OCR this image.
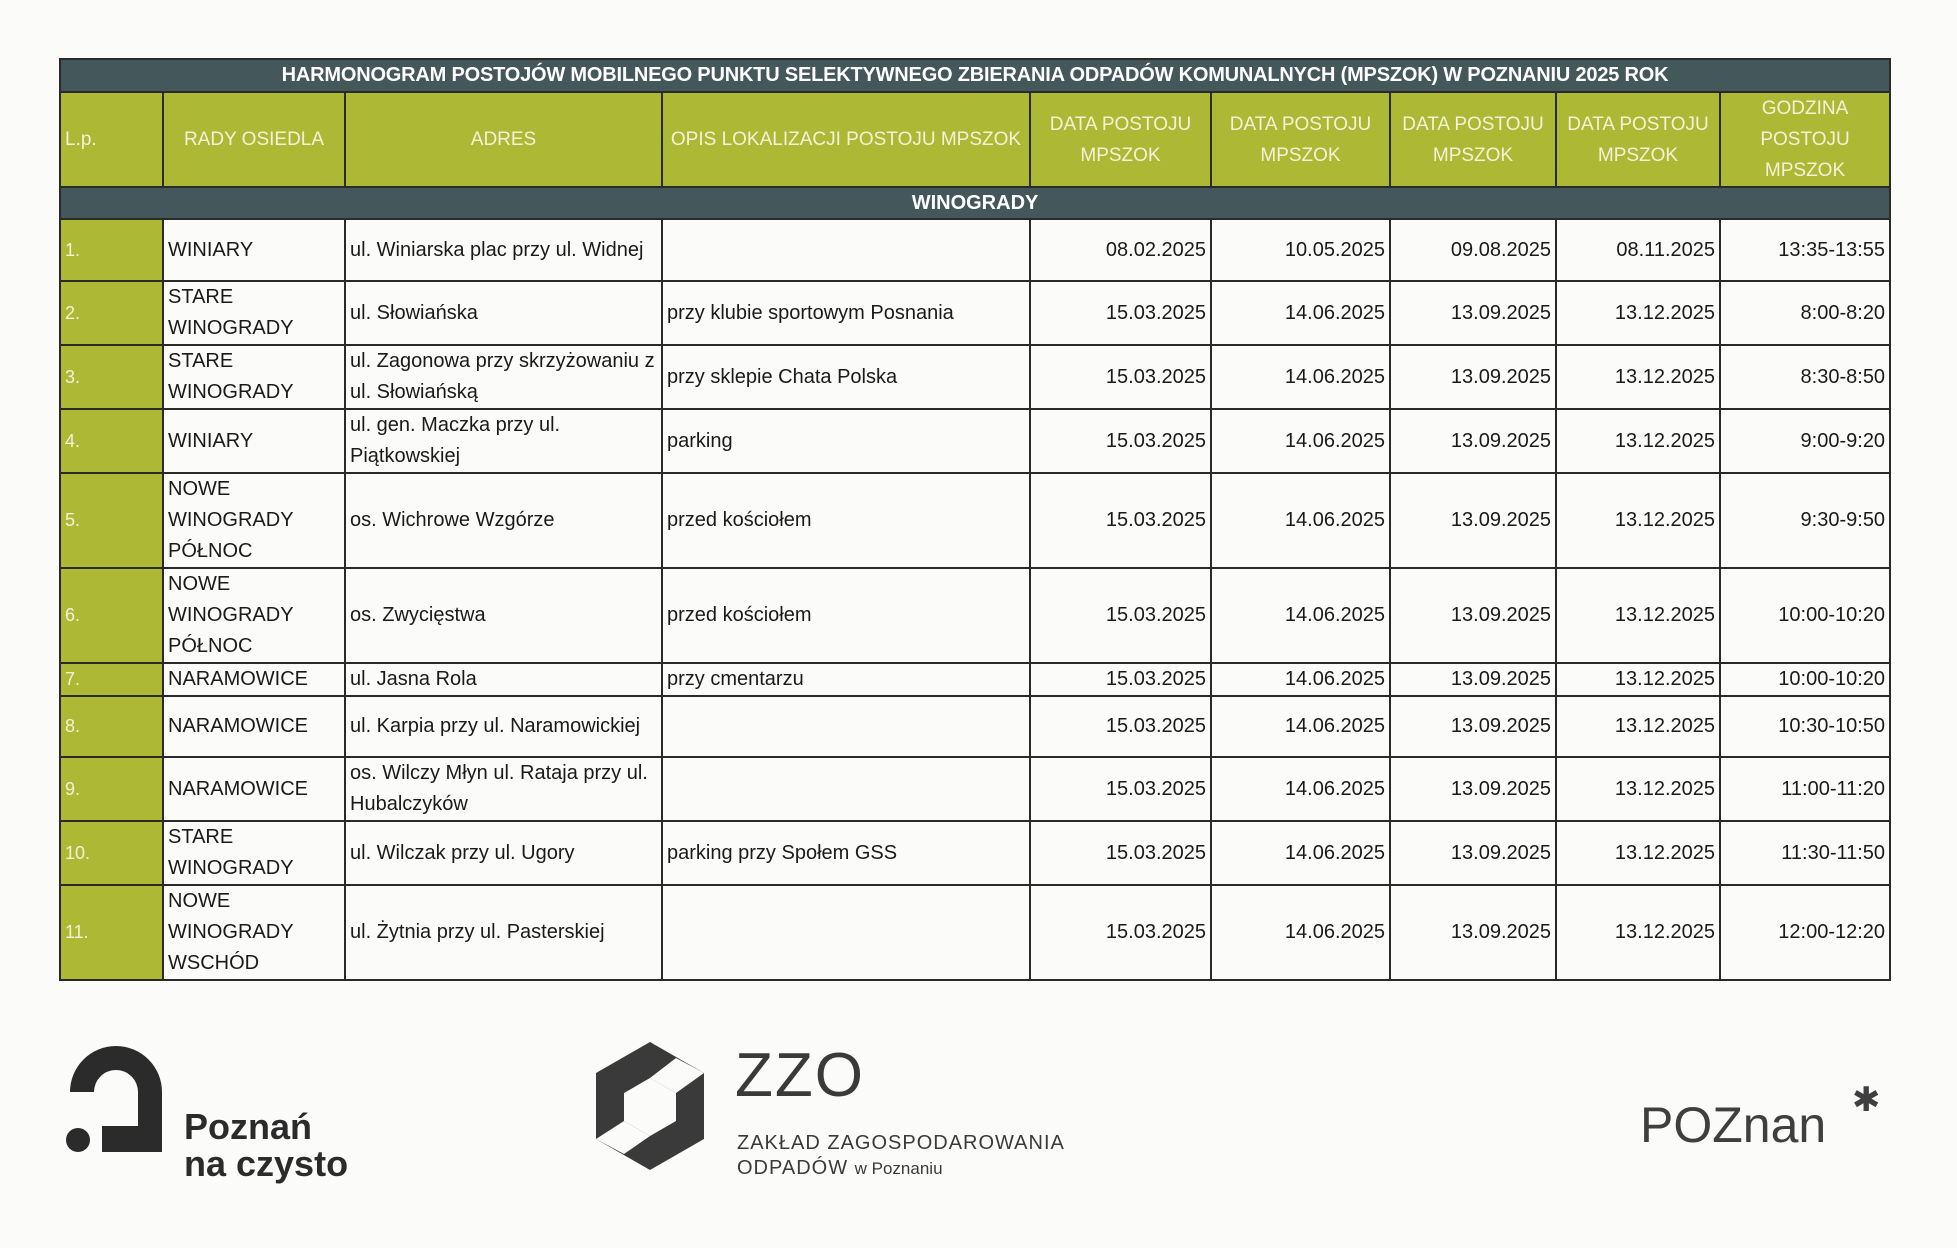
HARMONOGRAM POSTOJÓW MOBILNEGO PUNKTU SELEKTYWNEGO ZBIERANIA ODPADÓW KOMUNALNYCH (MPSZOK) W POZNANIU 2025 ROK								
L.p.	RADY OSIEDLA	ADRES	OPIS LOKALIZACJI POSTOJU MPSZOK	DATA POSTOJU MPSZOK	DATA POSTOJU MPSZOK	DATA POSTOJU MPSZOK	DATA POSTOJU MPSZOK	GODZINA POSTOJU MPSZOK
WINOGRADY								
1.	WINIARY	ul. Winiarska plac przy ul. Widnej		08.02.2025	10.05.2025	09.08.2025	08.11.2025	13:35-13:55
2.	STARE WINOGRADY	ul. Słowiańska	przy klubie sportowym Posnania	15.03.2025	14.06.2025	13.09.2025	13.12.2025	8:00-8:20
3.	STARE WINOGRADY	ul. Zagonowa przy skrzyżowaniu z ul. Słowiańską	przy sklepie Chata Polska	15.03.2025	14.06.2025	13.09.2025	13.12.2025	8:30-8:50
4.	WINIARY	ul. gen. Maczka przy ul. Piątkowskiej	parking	15.03.2025	14.06.2025	13.09.2025	13.12.2025	9:00-9:20
5.	NOWE WINOGRADY PÓŁNOC	os. Wichrowe Wzgórze	przed kościołem	15.03.2025	14.06.2025	13.09.2025	13.12.2025	9:30-9:50
6.	NOWE WINOGRADY PÓŁNOC	os. Zwycięstwa	przed kościołem	15.03.2025	14.06.2025	13.09.2025	13.12.2025	10:00-10:20
7.	NARAMOWICE	ul. Jasna Rola	przy cmentarzu	15.03.2025	14.06.2025	13.09.2025	13.12.2025	10:00-10:20
8.	NARAMOWICE	ul. Karpia przy ul. Naramowickiej		15.03.2025	14.06.2025	13.09.2025	13.12.2025	10:30-10:50
9.	NARAMOWICE	os. Wilczy Młyn ul. Rataja przy ul. Hubalczyków		15.03.2025	14.06.2025	13.09.2025	13.12.2025	11:00-11:20
10.	STARE WINOGRADY	ul. Wilczak przy ul. Ugory	parking przy Społem GSS	15.03.2025	14.06.2025	13.09.2025	13.12.2025	11:30-11:50
11.	NOWE WINOGRADY WSCHÓD	ul. Żytnia przy ul. Pasterskiej		15.03.2025	14.06.2025	13.09.2025	13.12.2025	12:00-12:20
Poznań
na czysto
ZZO
ZAKŁAD ZAGOSPODAROWANIA
ODPADÓW w Poznaniu
POZnan ✱
